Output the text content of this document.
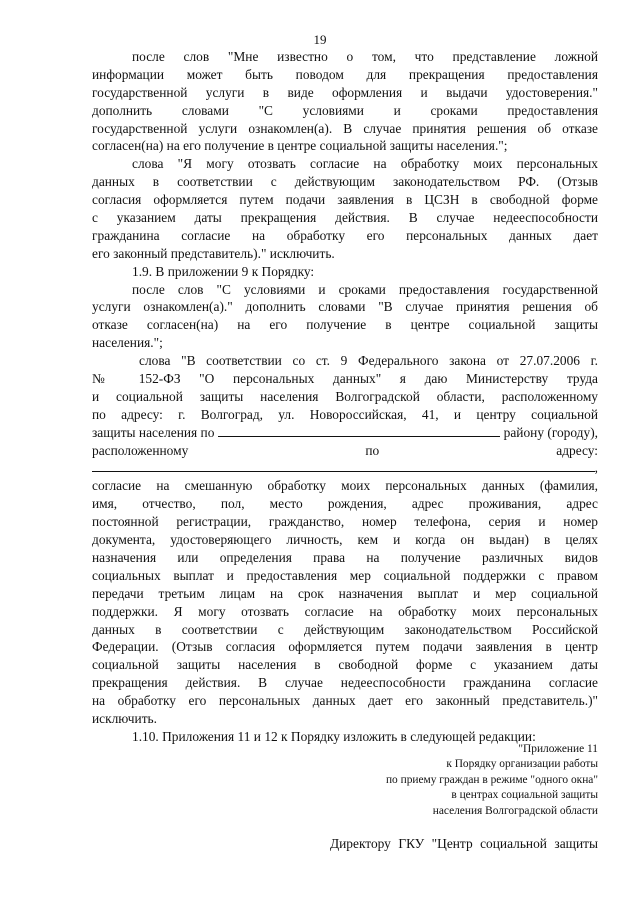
19
после слов "Мне известно о том, что представление ложной
информации может быть поводом для прекращения предоставления
государственной услуги в виде оформления и выдачи удостоверения."
дополнить словами "С условиями и сроками предоставления
государственной услуги ознакомлен(а). В случае принятия решения об отказе
согласен(на) на его получение в центре социальной защиты населения.";
слова "Я могу отозвать согласие на обработку моих персональных
данных в соответствии с действующим законодательством РФ. (Отзыв
согласия оформляется путем подачи заявления в ЦСЗН в свободной форме
с указанием даты прекращения действия. В случае недееспособности
гражданина согласие на обработку его персональных данных дает
его законный представитель)." исключить.
1.9. В приложении 9 к Порядку:
после слов "С условиями и сроками предоставления государственной
услуги ознакомлен(а)." дополнить словами "В случае принятия решения об
отказе согласен(на) на его получение в центре социальной защиты
населения.";
слова "В соответствии со ст. 9 Федерального закона от 27.07.2006 г.
№ 152-ФЗ "О персональных данных" я даю Министерству труда
и социальной защиты населения Волгоградской области, расположенному
по адресу: г. Волгоград, ул. Новороссийская, 41, и центру социальной
защиты населения по	району (городу),
расположенному	по	адресу:
,
согласие на смешанную обработку моих персональных данных (фамилия,
имя, отчество, пол, место рождения, адрес проживания, адрес
постоянной регистрации, гражданство, номер телефона, серия и номер
документа, удостоверяющего личность, кем и когда он выдан) в целях
назначения или определения права на получение различных видов
социальных выплат и предоставления мер социальной поддержки с правом
передачи третьим лицам на срок назначения выплат и мер социальной
поддержки. Я могу отозвать согласие на обработку моих персональных
данных в соответствии с действующим законодательством Российской
Федерации. (Отзыв согласия оформляется путем подачи заявления в центр
социальной защиты населения в свободной форме с указанием даты
прекращения действия. В случае недееспособности гражданина согласие
на обработку его персональных данных дает его законный представитель.)"
исключить.
1.10. Приложения 11 и 12 к Порядку изложить в следующей редакции:
"Приложение 11
к Порядку организации работы
по приему граждан в режиме "одного окна"
в центрах социальной защиты
населения Волгоградской области
Директору ГКУ "Центр социальной защиты
